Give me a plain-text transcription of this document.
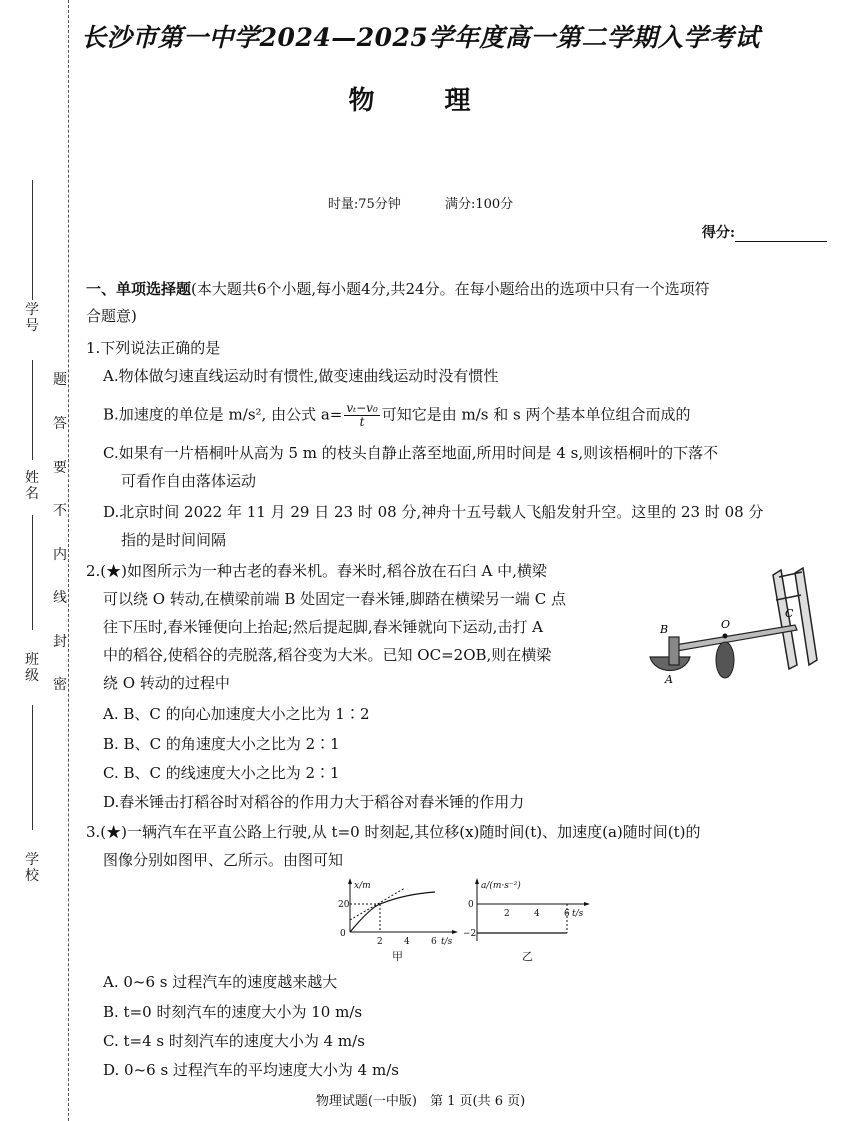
学号
姓名
班级
学校
题
答
要
不
内
线
封
密
长沙市第一中学2024—2025学年度高一第二学期入学考试
物　理
时量:75分钟	满分:100分
得分:
一、单项选择题(本大题共6个小题,每小题4分,共24分。在每小题给出的选项中只有一个选项符
合题意)
1.下列说法正确的是
A.物体做匀速直线运动时有惯性,做变速曲线运动时没有惯性
B.加速度的单位是 m/s², 由公式 $a= \frac{\text{vₜ−v₀}}{t}$ 可知它是由 m/s 和 s 两个基本单位组合而成的
C.如果有一片梧桐叶从高为 5 m 的枝头自静止落至地面,所用时间是 4 s,则该梧桐叶的下落不
可看作自由落体运动
D.北京时间 2022 年 11 月 29 日 23 时 08 分,神舟十五号载人飞船发射升空。这里的 23 时 08 分
指的是时间间隔
2.(★)如图所示为一种古老的舂米机。舂米时,稻谷放在石臼 A 中,横梁
可以绕 O 转动,在横梁前端 B 处固定一舂米锤,脚踏在横梁另一端 C 点
往下压时,舂米锤便向上抬起;然后提起脚,舂米锤就向下运动,击打 A
中的稻谷,使稻谷的壳脱落,稻谷变为大米。已知 OC=2OB,则在横梁
绕 O 转动的过程中
A. B、C 的向心加速度大小之比为 1∶2
B. B、C 的角速度大小之比为 2∶1
C. B、C 的线速度大小之比为 2∶1
D.舂米锤击打稻谷时对稻谷的作用力大于稻谷对舂米锤的作用力
B	O
C
A
3.(★)一辆汽车在平直公路上行驶,从 t=0 时刻起,其位移(x)随时间(t)、加速度(a)随时间(t)的
图像分别如图甲、乙所示。由图可知
x/m
20
0
2 4 6 t/s
甲
a/(m·s⁻²)
0
−2
2	4	6 t/s
乙
A. 0~6 s 过程汽车的速度越来越大
B. t=0 时刻汽车的速度大小为 10 m/s
C. t=4 s 时刻汽车的速度大小为 4 m/s
D. 0~6 s 过程汽车的平均速度大小为 4 m/s
物理试题(一中版)　第 1 页(共 6 页)
